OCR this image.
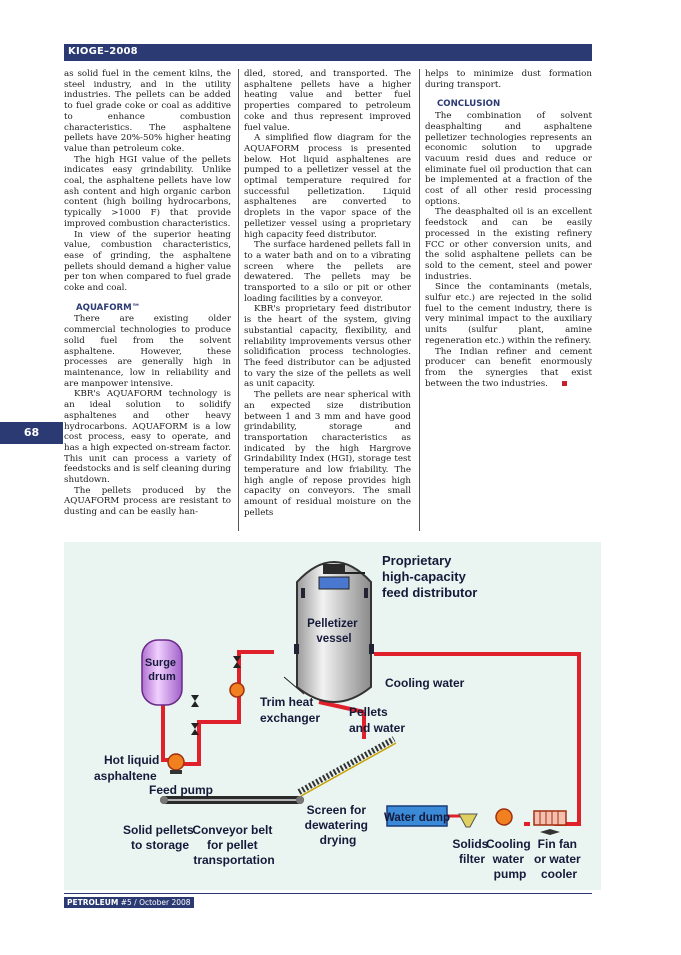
KIOGE–2008
68

as solid fuel in the cement kilns, the steel industry, and in the utility industries. The pellets can be added to fuel grade coke or coal as additive to enhance combustion characteristics. The asphaltene pellets have 20%-50% higher heating value than petroleum coke.

The high HGI value of the pellets indicates easy grindability. Unlike coal, the asphaltene pellets have low ash content and high organic carbon content (high boiling hydrocarbons, typically >1000 F) that provide improved combustion characteristics.

In view of the superior heating value, combustion characteristics, ease of grinding, the asphaltene pellets should demand a higher value per ton when compared to fuel grade coke and coal.

AQUAFORM™

There are existing older commercial technologies to produce solid fuel from the solvent asphaltene. However, these processes are generally high in maintenance, low in reliability and are manpower intensive.

KBR's AQUAFORM technology is an ideal solution to solidify asphaltenes and other heavy hydrocarbons. AQUAFORM is a low cost process, easy to operate, and has a high expected on-stream factor. This unit can process a variety of feedstocks and is self cleaning during shutdown.

The pellets produced by the AQUAFORM process are resistant to dusting and can be easily han-

dled, stored, and transported. The asphaltene pellets have a higher heating value and better fuel properties compared to petroleum coke and thus represent improved fuel value.

A simplified flow diagram for the AQUAFORM process is presented below. Hot liquid asphaltenes are pumped to a pelletizer vessel at the optimal temperature required for successful pelletization. Liquid asphaltenes are converted to droplets in the vapor space of the pelletizer vessel using a proprietary high capacity feed distributor.

The surface hardened pellets fall in to a water bath and on to a vibrating screen where the pellets are dewatered. The pellets may be transported to a silo or pit or other loading facilities by a conveyor.

KBR's proprietary feed distributor is the heart of the system, giving substantial capacity, flexibility, and reliability improvements versus other solidification process technologies. The feed distributor can be adjusted to vary the size of the pellets as well as unit capacity.

The pellets are near spherical with an expected size distribution between 1 and 3 mm and have good grindability, storage and transportation characteristics as indicated by the high Hargrove Grindability Index (HGI), storage test temperature and low friability. The high angle of repose provides high capacity on conveyors. The small amount of residual moisture on the pellets

helps to minimize dust formation during transport.

CONCLUSION

The combination of solvent deasphalting and asphaltene pelletizer technologies represents an economic solution to upgrade vacuum resid dues and reduce or eliminate fuel oil production that can be implemented at a fraction of the cost of all other resid processing options.

The deasphalted oil is an excellent feedstock and can be easily processed in the existing refinery FCC or other conversion units, and the solid asphaltene pellets can be sold to the cement, steel and power industries.

Since the contaminants (metals, sulfur etc.) are rejected in the solid fuel to the cement industry, there is very minimal impact to the auxiliary units (sulfur plant, amine regeneration etc.) within the refinery.

The Indian refiner and cement producer can benefit enormously from the synergies that exist between the two industries.

Proprietary high-capacity feed distributor
Pelletizer vessel
Surge drum
Trim heat exchanger
Cooling water
Pellets and water
Hot liquid asphaltene
Feed pump
Solid pellets to storage
Conveyor belt for pellet transportation
Screen for dewatering drying
Water dump
Solids filter
Cooling water pump
Fin fan or water cooler
PETROLEUM #5 / October 2008
